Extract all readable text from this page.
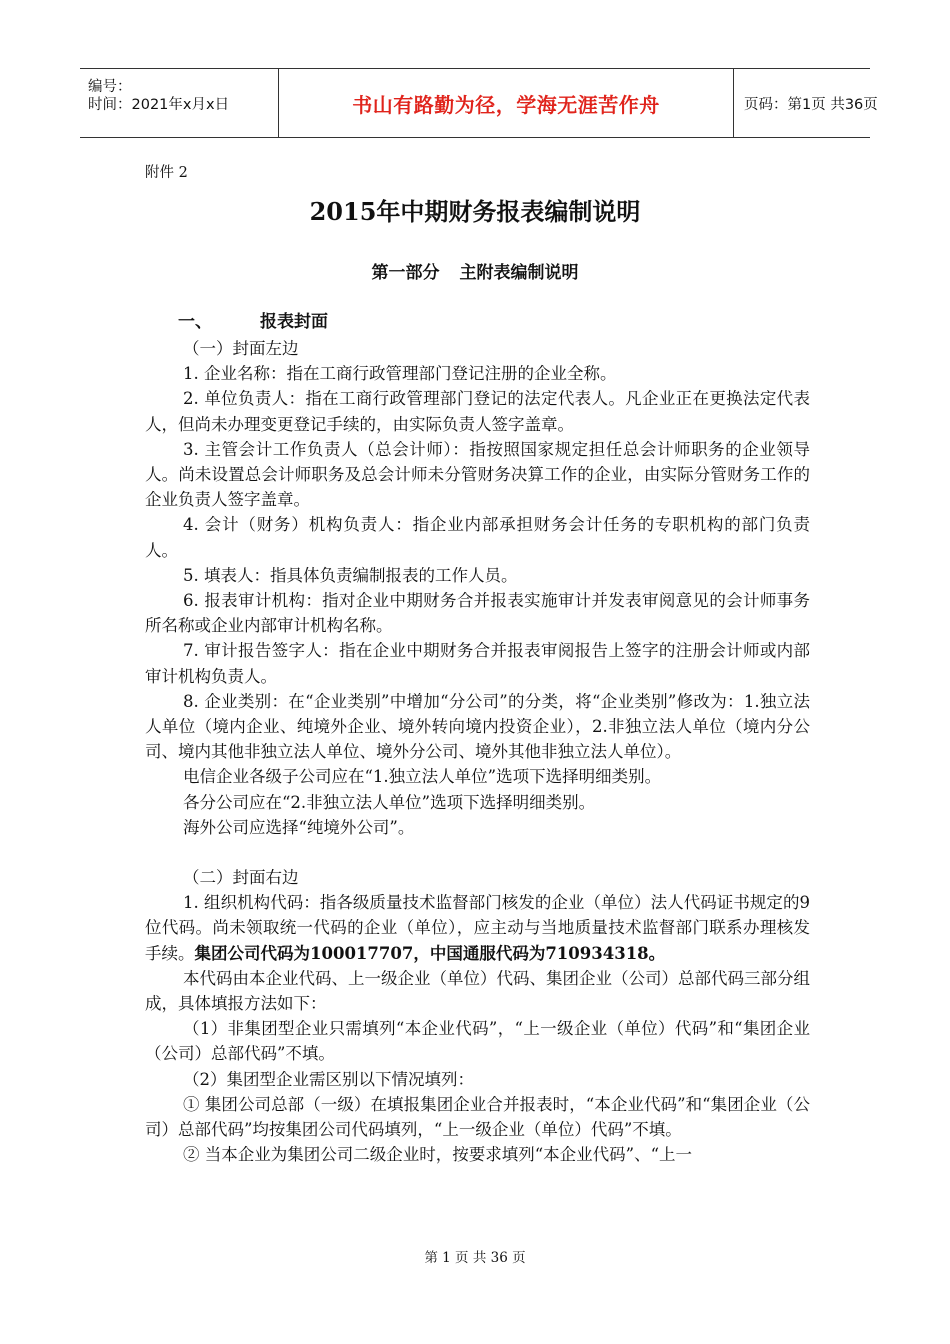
编号：
时间：2021年x月x日	书山有路勤为径，学海无涯苦作舟	页码：第1页 共36页
附件 2
2015年中期财务报表编制说明
第一部分 主附表编制说明

一、	报表封面

（一）封面左边

1. 企业名称：指在工商行政管理部门登记注册的企业全称。

2. 单位负责人：指在工商行政管理部门登记的法定代表人。凡企业正在更换法定代表人，但尚未办理变更登记手续的，由实际负责人签字盖章。

3. 主管会计工作负责人（总会计师）：指按照国家规定担任总会计师职务的企业领导人。尚未设置总会计师职务及总会计师未分管财务决算工作的企业，由实际分管财务工作的企业负责人签字盖章。

4. 会计（财务）机构负责人：指企业内部承担财务会计任务的专职机构的部门负责人。

5. 填表人：指具体负责编制报表的工作人员。

6. 报表审计机构：指对企业中期财务合并报表实施审计并发表审阅意见的会计师事务所名称或企业内部审计机构名称。

7. 审计报告签字人：指在企业中期财务合并报表审阅报告上签字的注册会计师或内部审计机构负责人。

8. 企业类别：在“企业类别”中增加“分公司”的分类，将“企业类别”修改为：1.独立法人单位（境内企业、纯境外企业、境外转向境内投资企业），2.非独立法人单位（境内分公司、境内其他非独立法人单位、境外分公司、境外其他非独立法人单位）。

电信企业各级子公司应在“1.独立法人单位”选项下选择明细类别。

各分公司应在“2.非独立法人单位”选项下选择明细类别。

海外公司应选择“纯境外公司”。

（二）封面右边

1. 组织机构代码：指各级质量技术监督部门核发的企业（单位）法人代码证书规定的9位代码。尚未领取统一代码的企业（单位），应主动与当地质量技术监督部门联系办理核发手续。集团公司代码为100017707，中国通服代码为710934318。

本代码由本企业代码、上一级企业（单位）代码、集团企业（公司）总部代码三部分组成，具体填报方法如下：

（1）非集团型企业只需填列“本企业代码”，“上一级企业（单位）代码”和“集团企业（公司）总部代码”不填。

（2）集团型企业需区别以下情况填列：

① 集团公司总部（一级）在填报集团企业合并报表时，“本企业代码”和“集团企业（公司）总部代码”均按集团公司代码填列，“上一级企业（单位）代码”不填。

② 当本企业为集团公司二级企业时，按要求填列“本企业代码”、“上一

第 1 页 共 36 页
